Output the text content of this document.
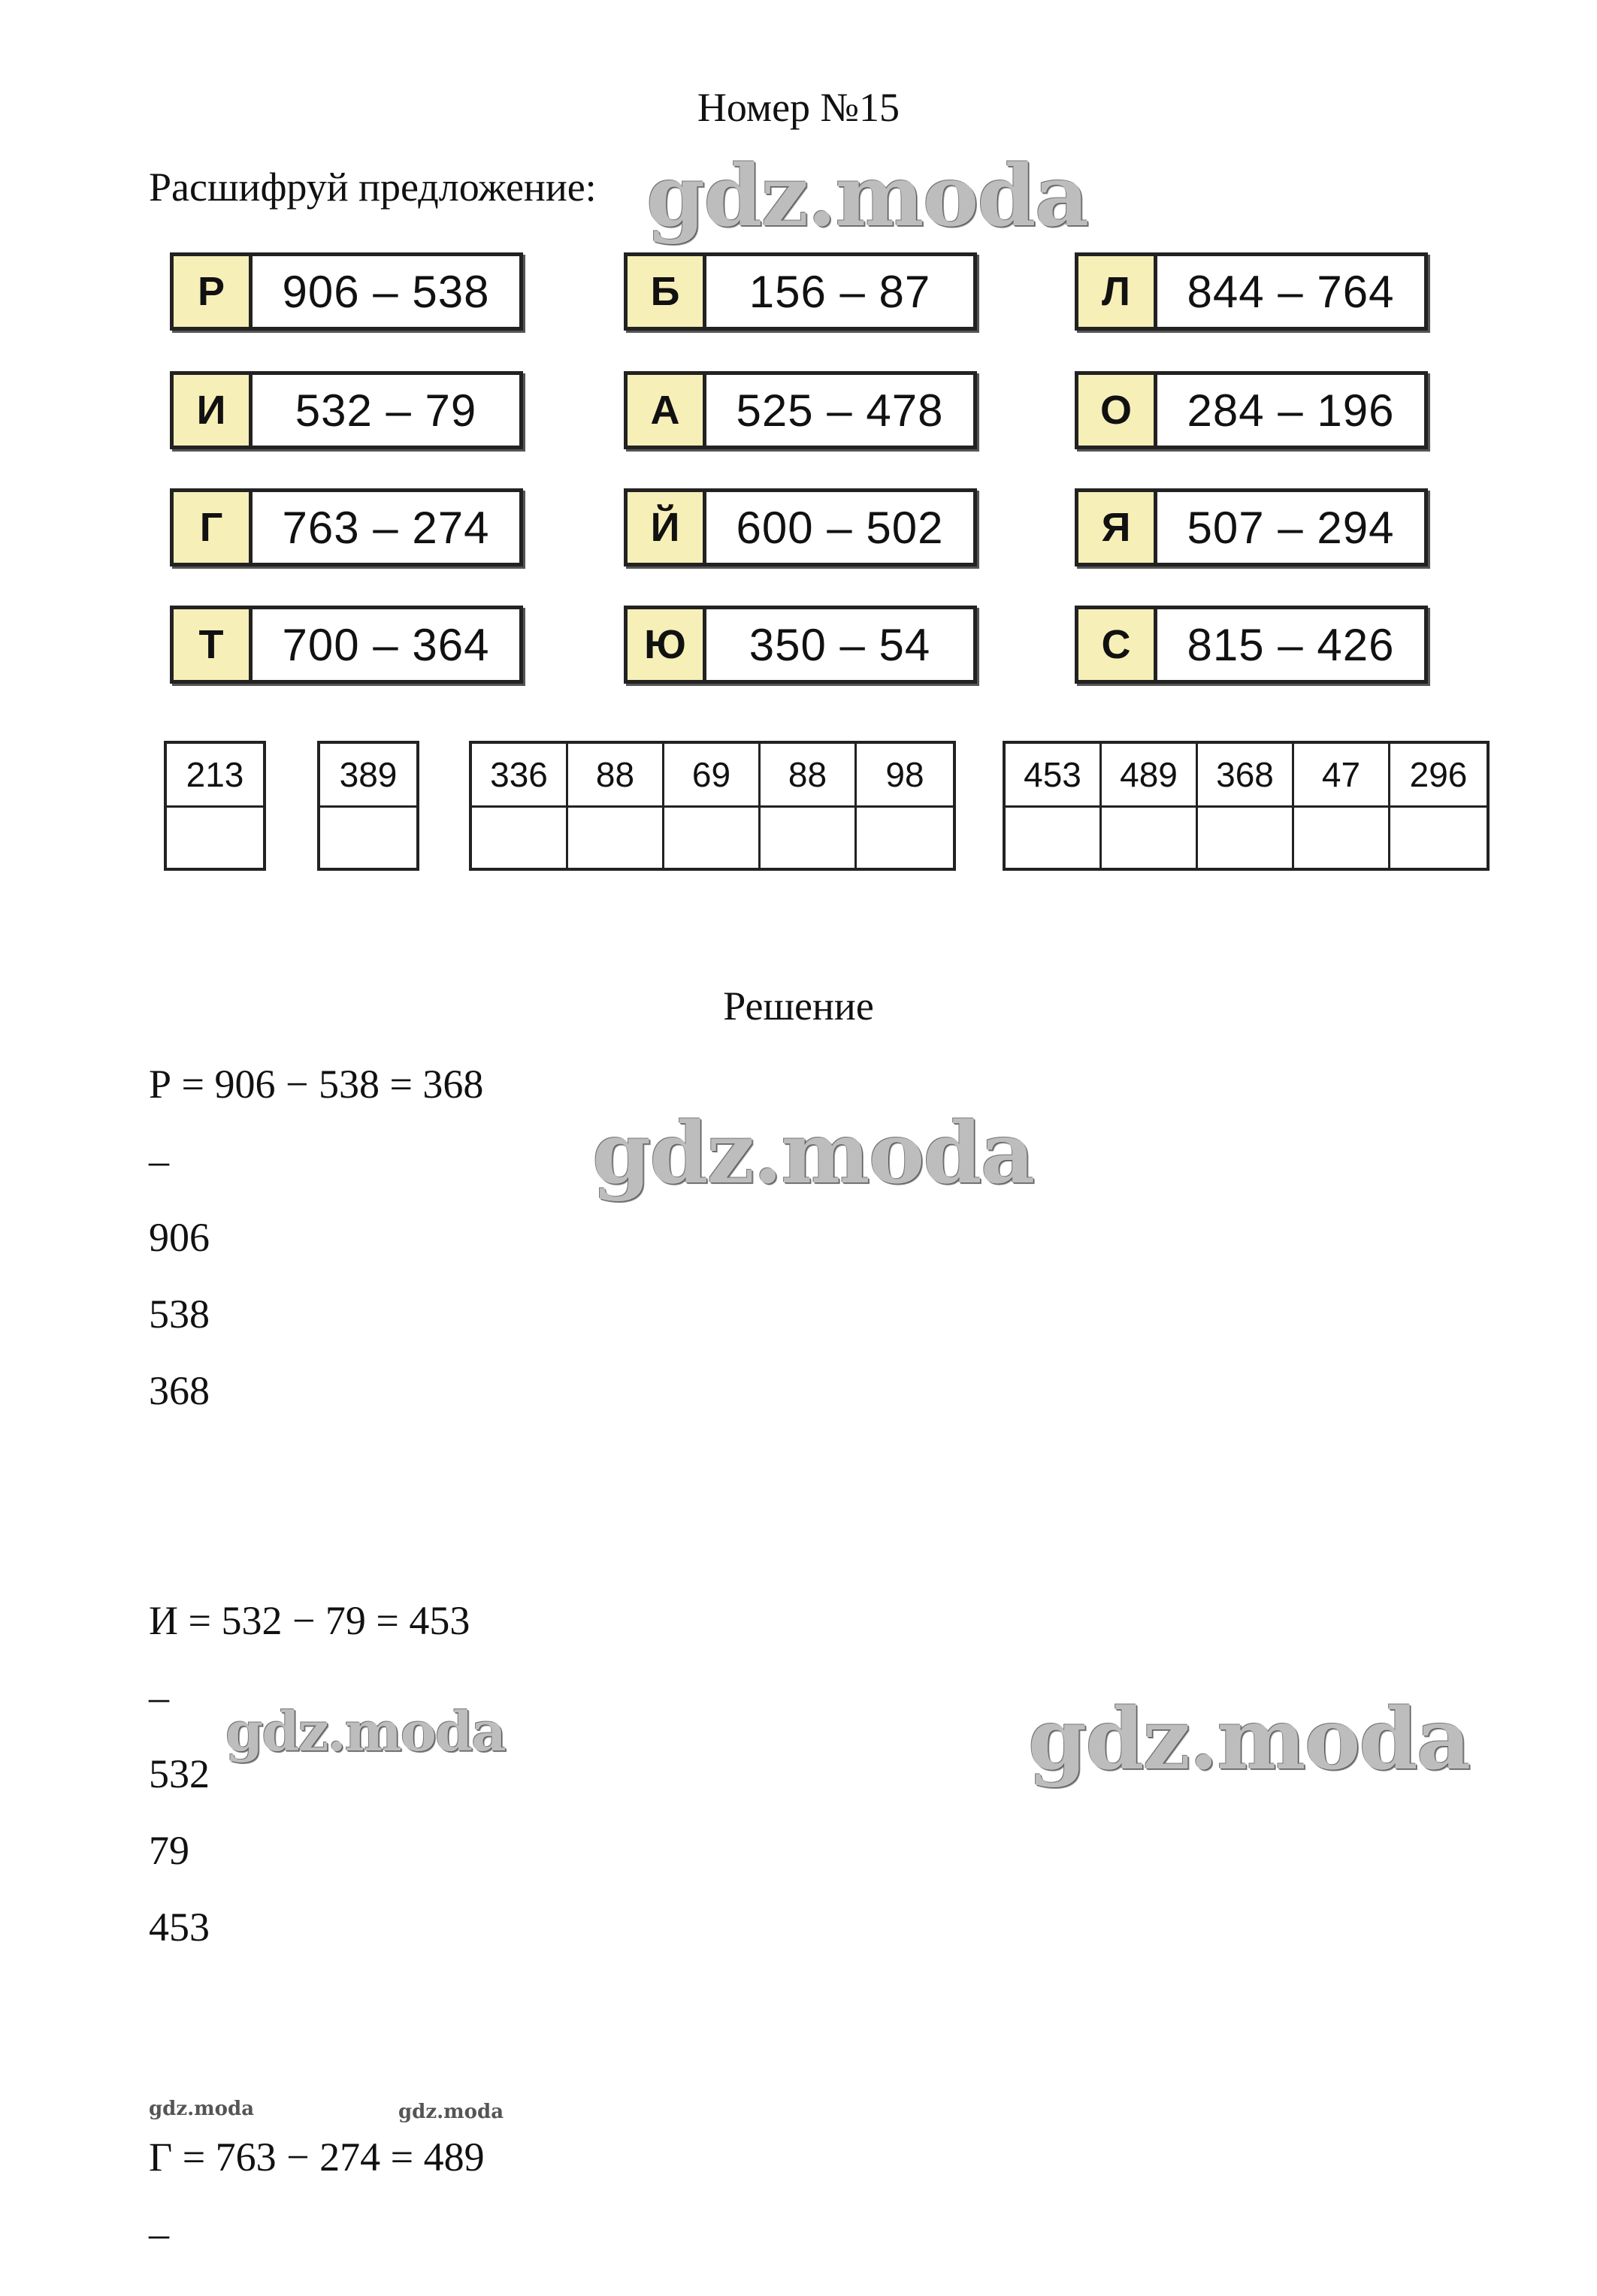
Номер №15
Расшифруй предложение:
Р	906 – 538	Б	156 – 87	Л	844 – 764
И	532 – 79	А	525 – 478	О	284 – 196
Г	763 – 274	Й	600 – 502	Я	507 – 294
Т	700 – 364	Ю	350 – 54	С	815 – 426
213	389	336	88	69	88	98	453	489	368	47	296
Решение
Р = 906 − 538 = 368
–
906
538
368
И = 532 − 79 = 453
–
532
79
453
Г = 763 − 274 = 489
–
gdz.moda
gdz.moda
gdz.moda	gdz.moda
gdz.moda	gdz.moda
